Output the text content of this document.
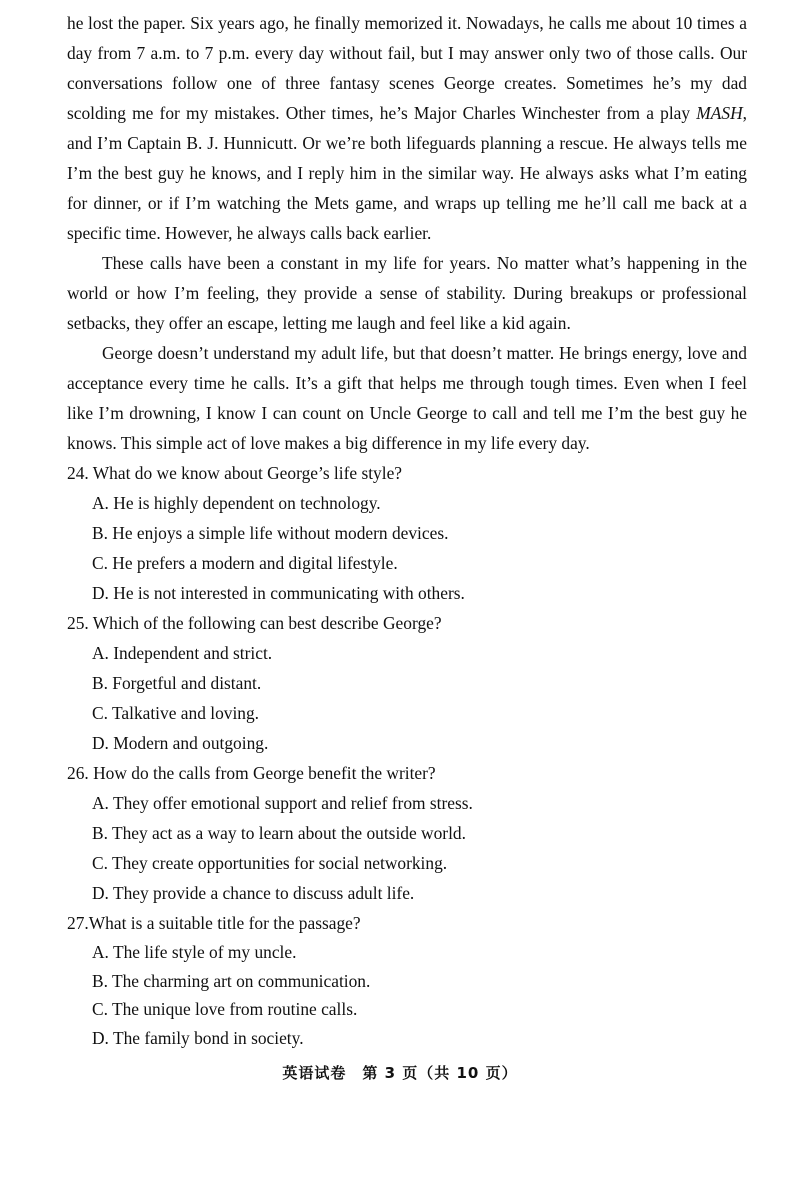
he lost the paper. Six years ago, he finally memorized it. Nowadays, he calls me about 10 times a day from 7 a.m. to 7 p.m. every day without fail, but I may answer only two of those calls. Our conversations follow one of three fantasy scenes George creates. Sometimes he’s my dad scolding me for my mistakes. Other times, he’s Major Charles Winchester from a play MASH, and I’m Captain B. J. Hunnicutt. Or we’re both lifeguards planning a rescue. He always tells me I’m the best guy he knows, and I reply him in the similar way. He always asks what I’m eating for dinner, or if I’m watching the Mets game, and wraps up telling me he’ll call me back at a specific time. However, he always calls back earlier.

These calls have been a constant in my life for years. No matter what’s happening in the world or how I’m feeling, they provide a sense of stability. During breakups or professional setbacks, they offer an escape, letting me laugh and feel like a kid again.

George doesn’t understand my adult life, but that doesn’t matter. He brings energy, love and acceptance every time he calls. It’s a gift that helps me through tough times. Even when I feel like I’m drowning, I know I can count on Uncle George to call and tell me I’m the best guy he knows. This simple act of love makes a big difference in my life every day.

24. What do we know about George’s life style?

A. He is highly dependent on technology.

B. He enjoys a simple life without modern devices.

C. He prefers a modern and digital lifestyle.

D. He is not interested in communicating with others.

25. Which of the following can best describe George?

A. Independent and strict.

B. Forgetful and distant.

C. Talkative and loving.

D. Modern and outgoing.

26. How do the calls from George benefit the writer?

A. They offer emotional support and relief from stress.

B. They act as a way to learn about the outside world.

C. They create opportunities for social networking.

D. They provide a chance to discuss adult life.

27.What is a suitable title for the passage?

A. The life style of my uncle.

B. The charming art on communication.

C. The unique love from routine calls.

D. The family bond in society.

英语试卷　第 3 页（共 10 页）
